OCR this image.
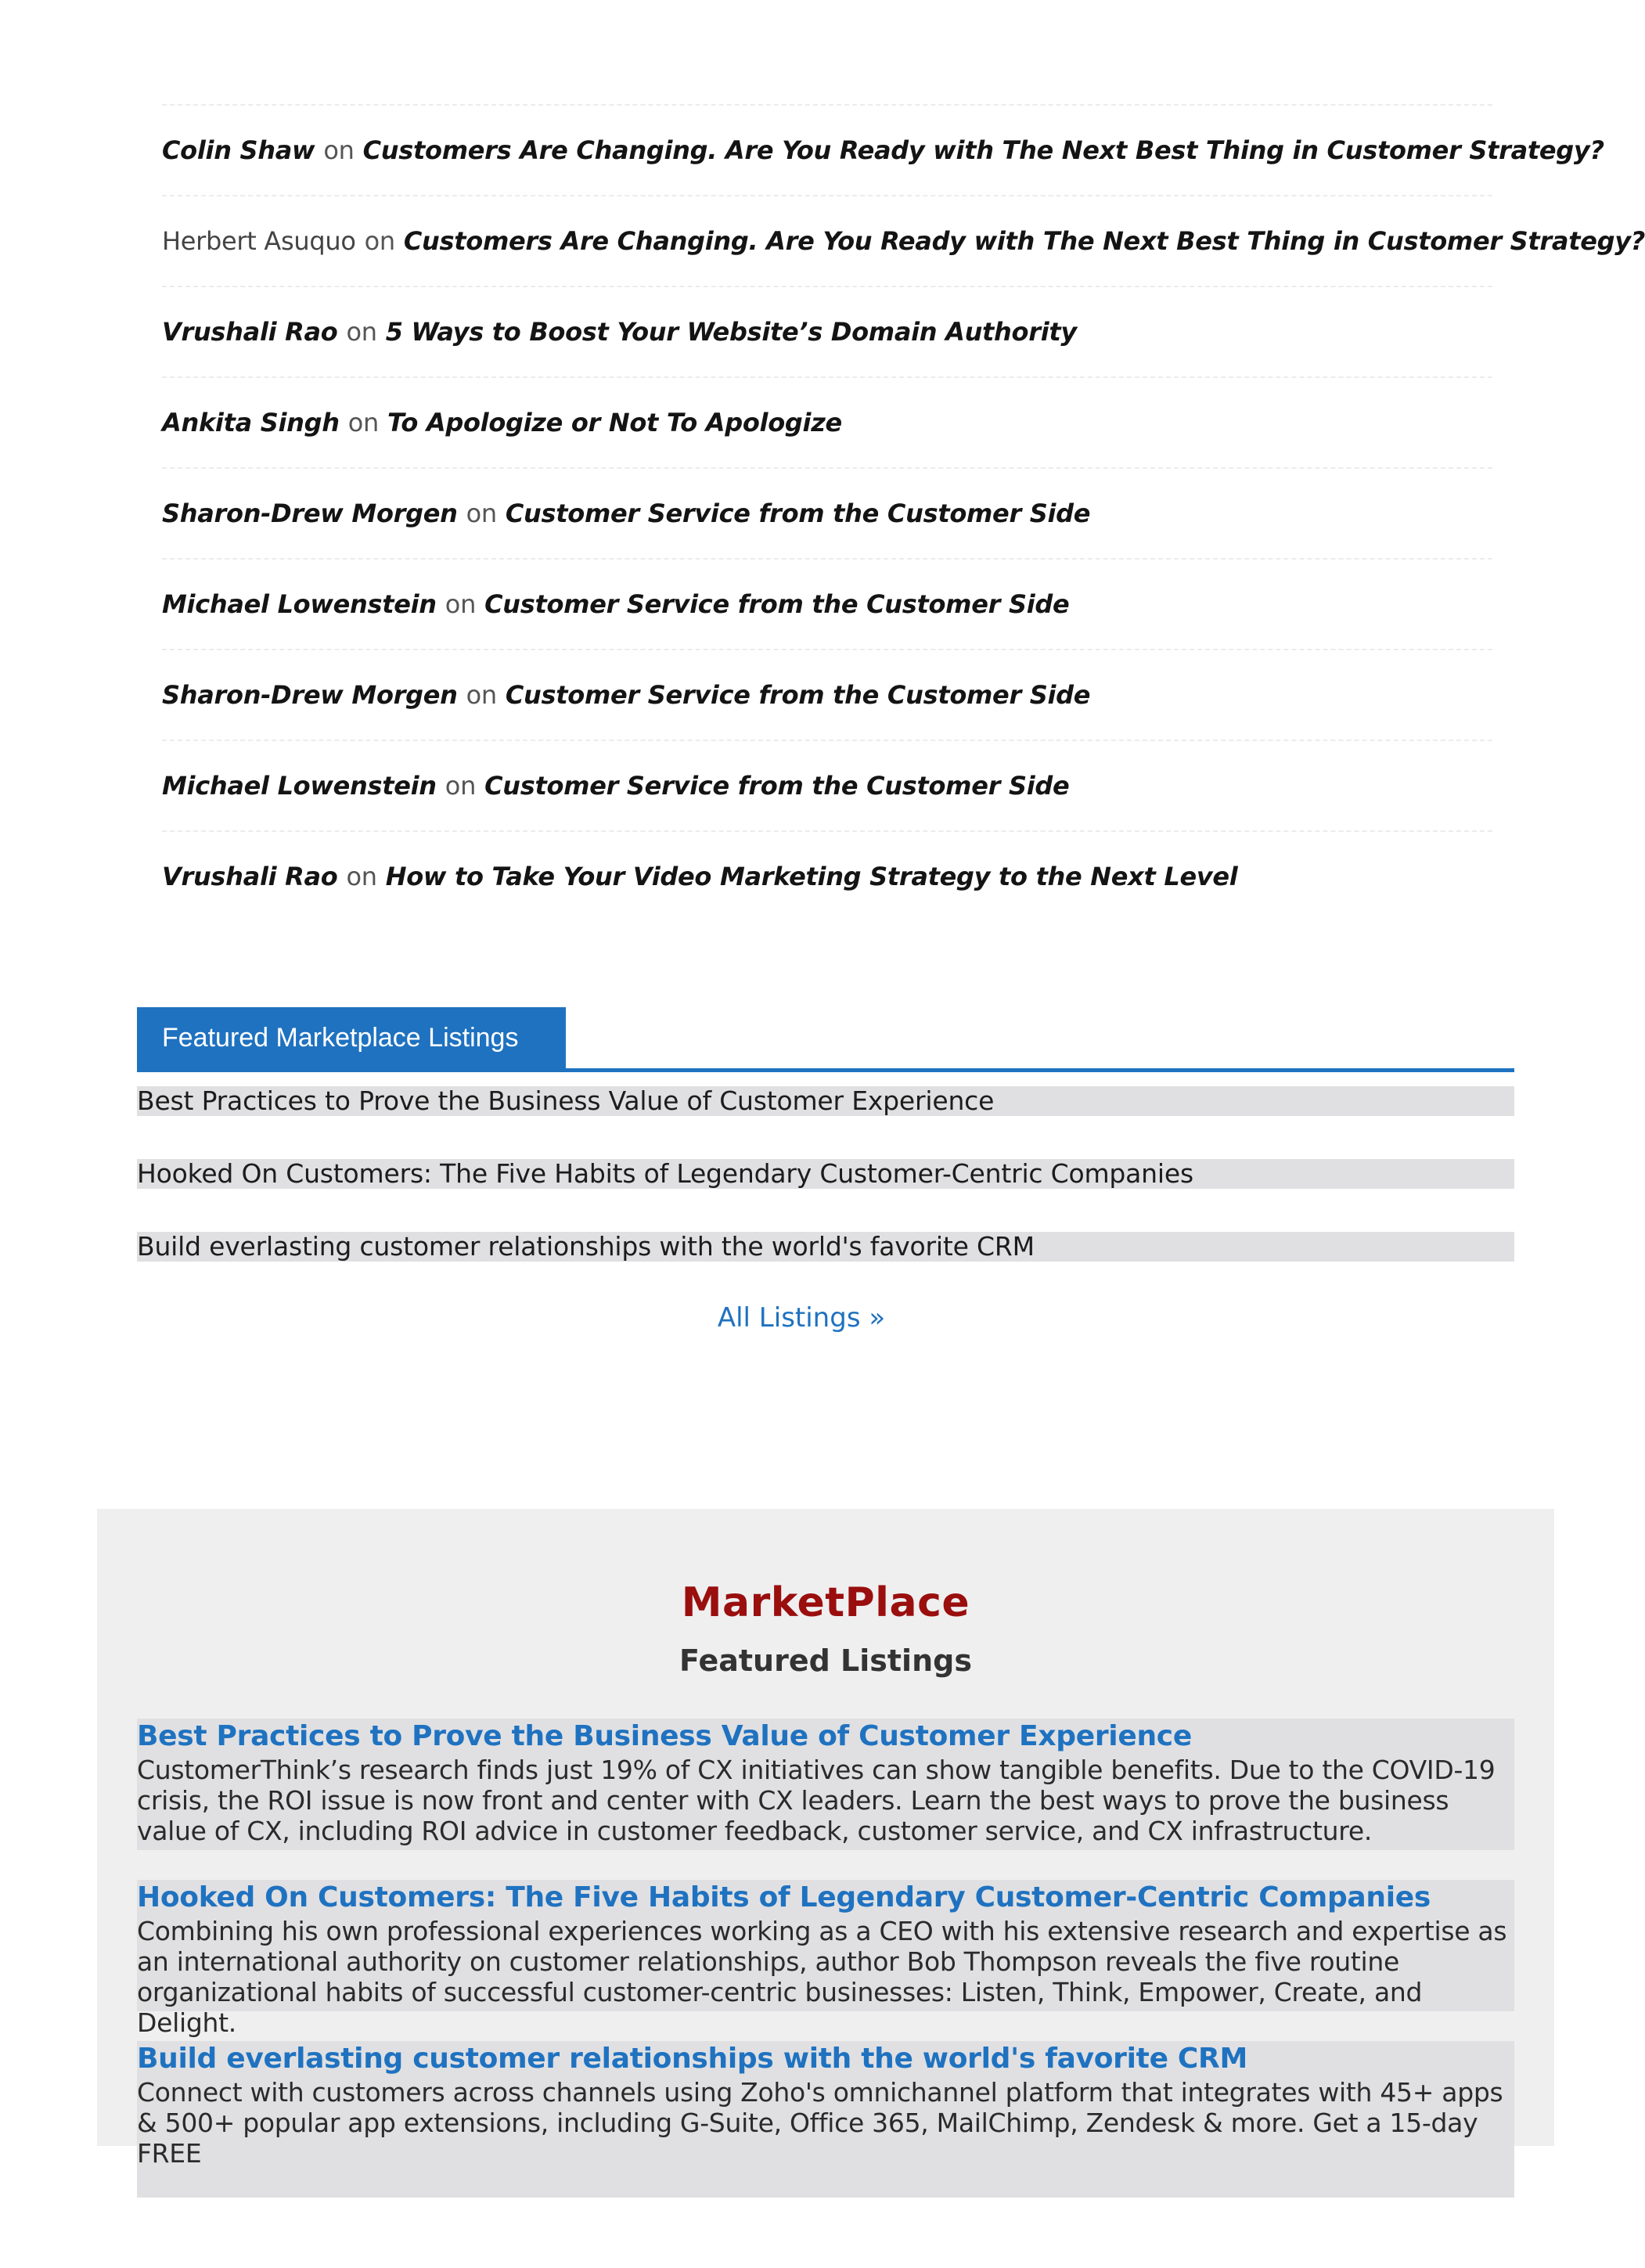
Colin Shaw on Customers Are Changing. Are You Ready with The Next Best Thing in Customer Strategy?
Herbert Asuquo on Customers Are Changing. Are You Ready with The Next Best Thing in Customer Strategy?
Vrushali Rao on 5 Ways to Boost Your Website’s Domain Authority
Ankita Singh on To Apologize or Not To Apologize
Sharon-Drew Morgen on Customer Service from the Customer Side
Michael Lowenstein on Customer Service from the Customer Side
Sharon-Drew Morgen on Customer Service from the Customer Side
Michael Lowenstein on Customer Service from the Customer Side
Vrushali Rao on How to Take Your Video Marketing Strategy to the Next Level
Featured Marketplace Listings
Best Practices to Prove the Business Value of Customer Experience
Hooked On Customers: The Five Habits of Legendary Customer-Centric Companies
Build everlasting customer relationships with the world's favorite CRM
All Listings »
MarketPlace
Featured Listings
Best Practices to Prove the Business Value of Customer Experience
CustomerThink’s research finds just 19% of CX initiatives can show tangible benefits. Due to the COVID-19 crisis, the ROI issue is now front and center with CX leaders. Learn the best ways to prove the business value of CX, including ROI advice in customer feedback, customer service, and CX infrastructure.
Hooked On Customers: The Five Habits of Legendary Customer-Centric Companies
Combining his own professional experiences working as a CEO with his extensive research and expertise as an international authority on customer relationships, author Bob Thompson reveals the five routine organizational habits of successful customer-centric businesses: Listen, Think, Empower, Create, and Delight.
Build everlasting customer relationships with the world's favorite CRM
Connect with customers across channels using Zoho's omnichannel platform that integrates with 45+ apps & 500+ popular app extensions, including G-Suite, Office 365, MailChimp, Zendesk & more. Get a 15-day FREE
